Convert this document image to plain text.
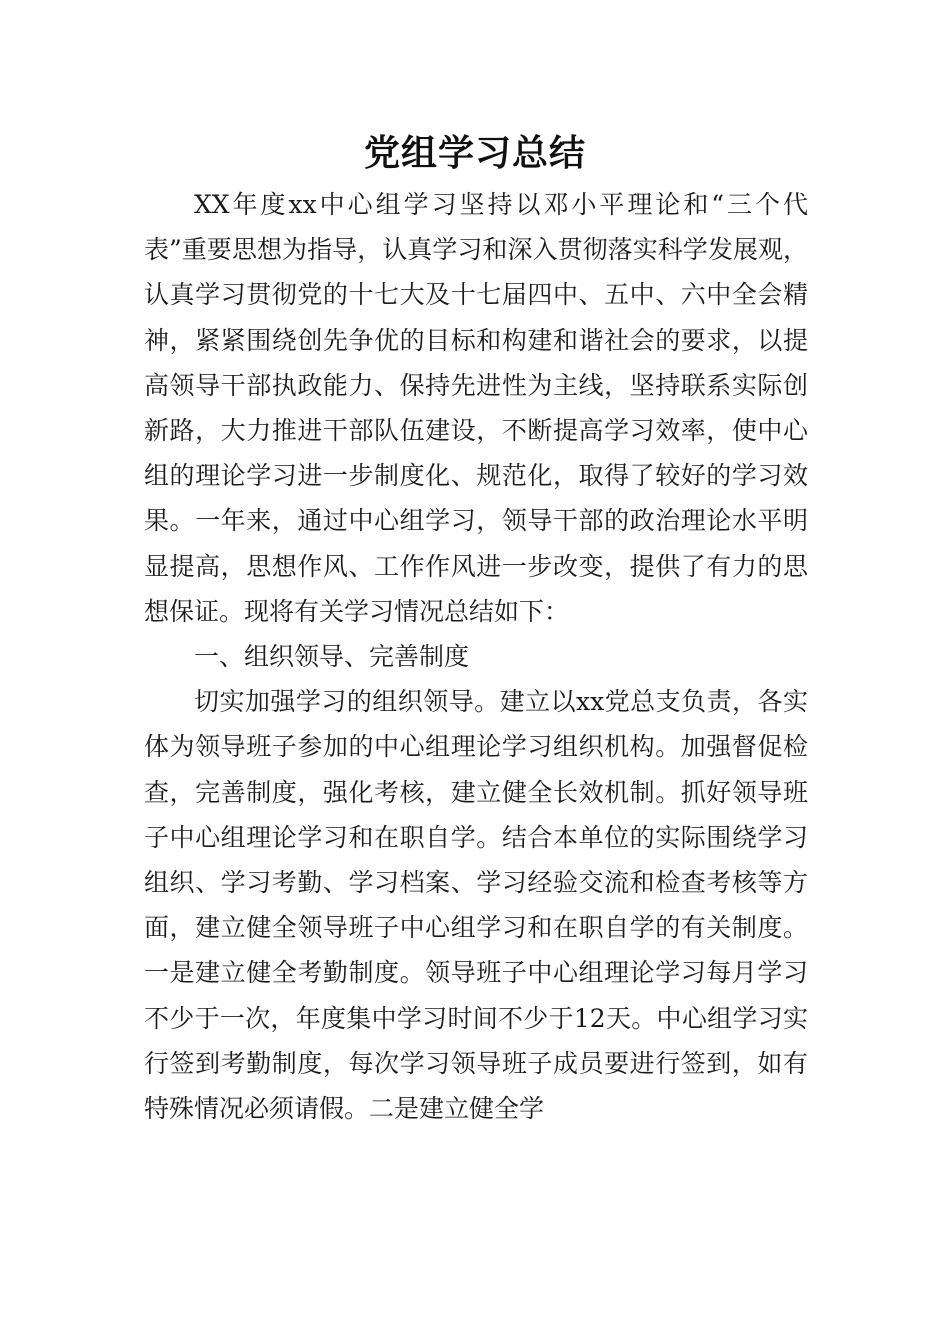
党组学习总结

XX年度xx中心组学习坚持以邓小平理论和“三个代表”重要思想为指导，认真学习和深入贯彻落实科学发展观，认真学习贯彻党的十七大及十七届四中、五中、六中全会精神，紧紧围绕创先争优的目标和构建和谐社会的要求，以提高领导干部执政能力、保持先进性为主线，坚持联系实际创新路，大力推进干部队伍建设，不断提高学习效率，使中心组的理论学习进一步制度化、规范化，取得了较好的学习效果。一年来，通过中心组学习，领导干部的政治理论水平明显提高，思想作风、工作作风进一步改变，提供了有力的思想保证。现将有关学习情况总结如下：

一、组织领导、完善制度

切实加强学习的组织领导。建立以xx党总支负责，各实体为领导班子参加的中心组理论学习组织机构。加强督促检查，完善制度，强化考核，建立健全长效机制。抓好领导班子中心组理论学习和在职自学。结合本单位的实际围绕学习组织、学习考勤、学习档案、学习经验交流和检查考核等方面，建立健全领导班子中心组学习和在职自学的有关制度。一是建立健全考勤制度。领导班子中心组理论学习每月学习不少于一次，年度集中学习时间不少于12天。中心组学习实行签到考勤制度，每次学习领导班子成员要进行签到，如有特殊情况必须请假。二是建立健全学
